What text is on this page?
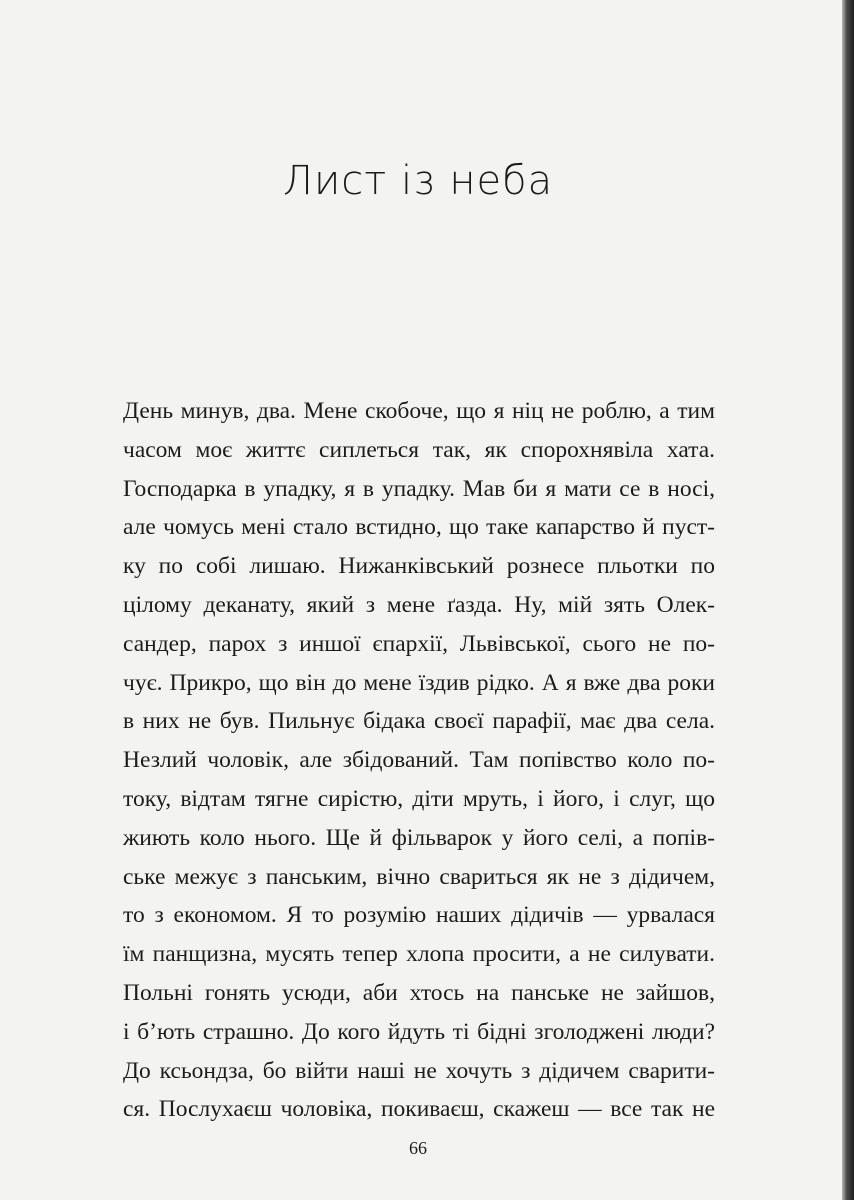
Лист із неба
День минув, два. Мене скобоче, що я ніц не роблю, а тим
часом моє життє сиплеться так, як спорохнявіла хата.
Господарка в упадку, я в упадку. Мав би я мати се в носі,
але чомусь мені стало встидно, що таке капарство й пуст-
ку по собі лишаю. Нижанківський рознесе пльотки по
цілому деканату, який з мене ґазда. Ну, мій зять Олек-
сандер, парох з иншої єпархії, Львівської, сього не по-
чує. Прикро, що він до мене їздив рідко. А я вже два роки
в них не був. Пильнує бідака своєї парафії, має два села.
Незлий чоловік, але збідований. Там попівство коло по-
току, відтам тягне сирістю, діти мруть, і його, і слуг, що
жиють коло нього. Ще й фільварок у його селі, а попів-
ське межує з панським, вічно свариться як не з дідичем,
то з економом. Я то розумію наших дідичів — урвалася
їм панщизна, мусять тепер хлопа просити, а не силувати.
Польні гонять усюди, аби хтось на панське не зайшов,
і б’ють страшно. До кого йдуть ті бідні зголоджені люди?
До ксьондза, бо війти наші не хочуть з дідичем сварити-
ся. Послухаєш чоловіка, покиваєш, скажеш — все так не
66
